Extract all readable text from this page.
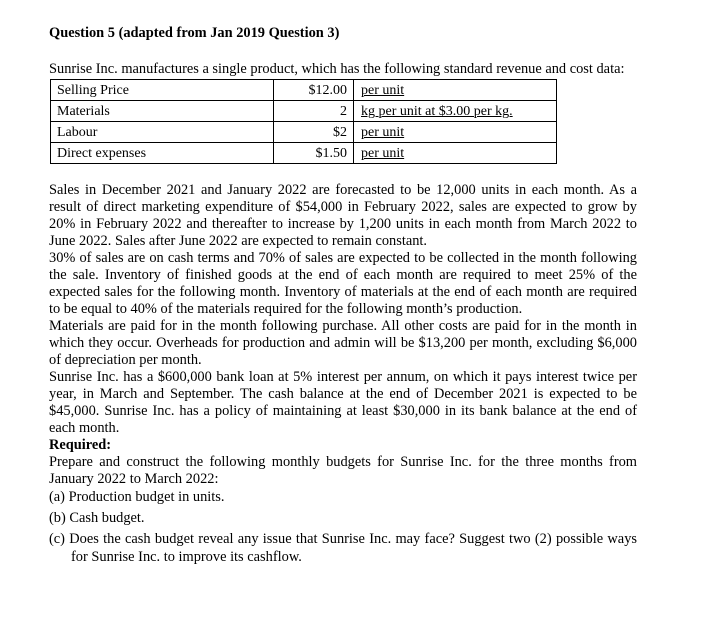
Question 5 (adapted from Jan 2019 Question 3)

Sunrise Inc. manufactures a single product, which has the following standard revenue and cost data:

Selling Price	$12.00	per unit
Materials	2	kg per unit at $3.00 per kg.
Labour	$2	per unit
Direct expenses	$1.50	per unit

Sales in December 2021 and January 2022 are forecasted to be 12,000 units in each month. As a result of direct marketing expenditure of $54,000 in February 2022, sales are expected to grow by 20% in February 2022 and thereafter to increase by 1,200 units in each month from March 2022 to June 2022. Sales after June 2022 are expected to remain constant.

30% of sales are on cash terms and 70% of sales are expected to be collected in the month following the sale. Inventory of finished goods at the end of each month are required to meet 25% of the expected sales for the following month. Inventory of materials at the end of each month are required to be equal to 40% of the materials required for the following month’s production.

Materials are paid for in the month following purchase. All other costs are paid for in the month in which they occur. Overheads for production and admin will be $13,200 per month, excluding $6,000 of depreciation per month.

Sunrise Inc. has a $600,000 bank loan at 5% interest per annum, on which it pays interest twice per year, in March and September. The cash balance at the end of December 2021 is expected to be $45,000. Sunrise Inc. has a policy of maintaining at least $30,000 in its bank balance at the end of each month.

Required:

Prepare and construct the following monthly budgets for Sunrise Inc. for the three months from January 2022 to March 2022:

(a) Production budget in units.
(b) Cash budget.
(c) Does the cash budget reveal any issue that Sunrise Inc. may face? Suggest two (2) possible ways for Sunrise Inc. to improve its cashflow.
